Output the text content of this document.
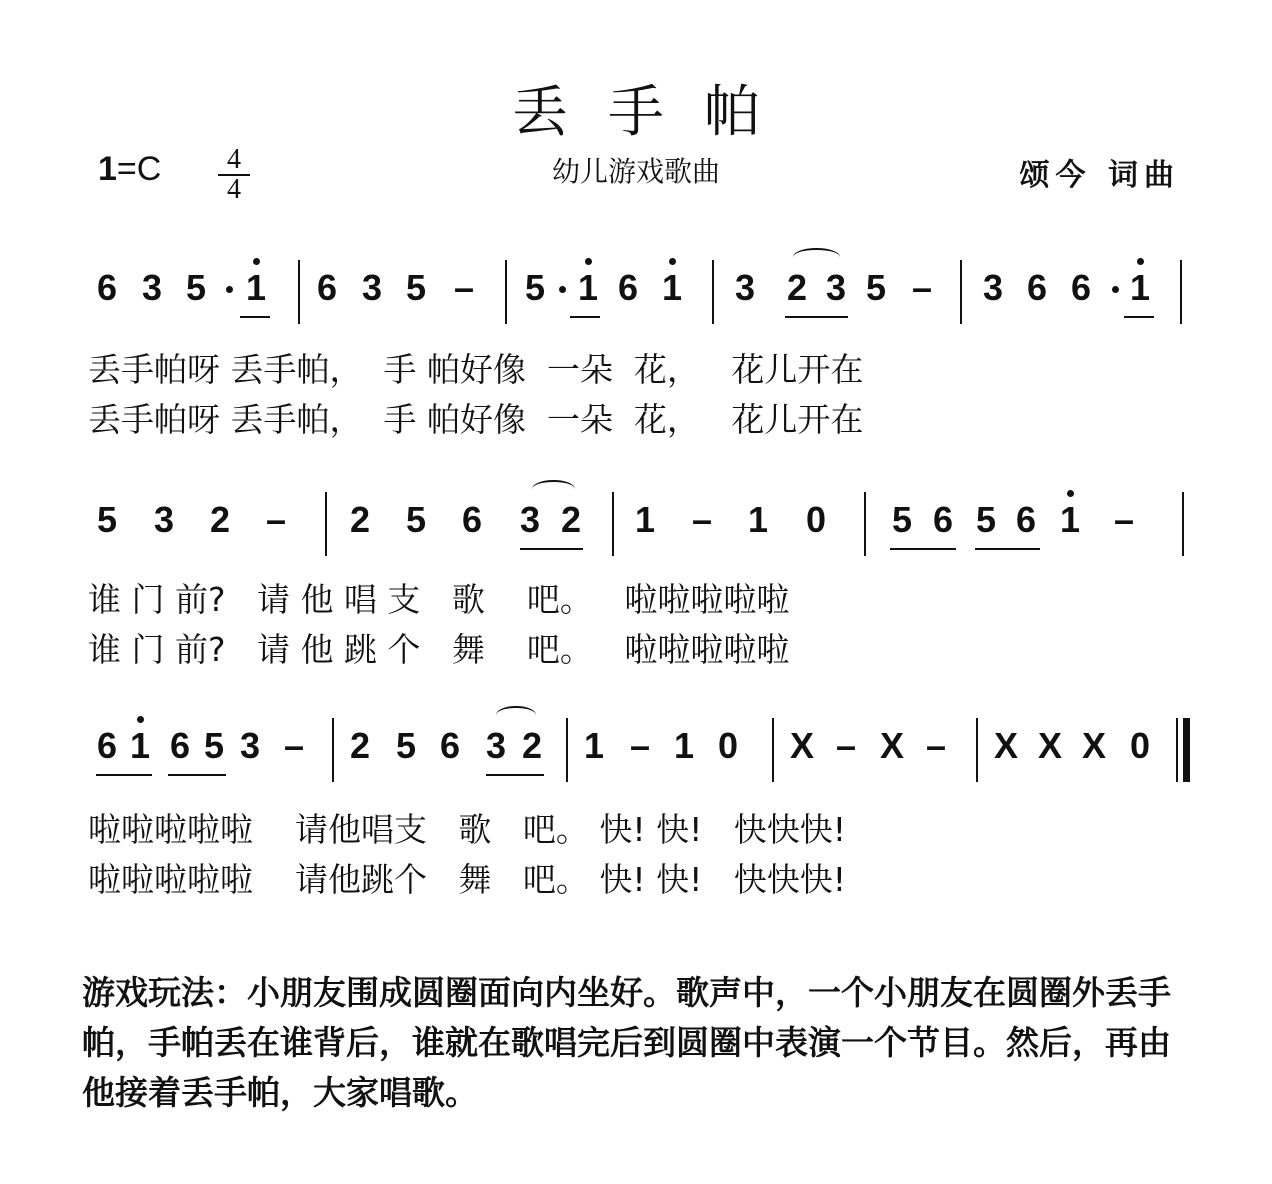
丢手帕
1=C	4
4
幼儿游戏歌曲	颂今 词曲
6 3 5 1 6 3 5 – 5 1 6 1 3 2 3 5 – 3 6 6 1
丢手帕呀 丢手帕，  手 帕好像  一朵  花，   花儿开在
丢手帕呀 丢手帕，  手 帕好像  一朵  花，   花儿开在
5 3 2 – 2 5 6 3 2 1 – 1 0 5 6 5 6 1 –
谁 门 前?   请 他 唱 支   歌    吧。   啦啦啦啦啦
谁 门 前?   请 他 跳 个   舞    吧。   啦啦啦啦啦
6 1 6 5 3 – 2 5 6 3 2 1 – 1 0 X – X – X X X 0
啦啦啦啦啦    请他唱支   歌   吧。 快! 快!   快快快!
啦啦啦啦啦    请他跳个   舞   吧。 快! 快!   快快快!
游戏玩法：小朋友围成圆圈面向内坐好。歌声中，一个小朋友在圆圈外丢手帕，手帕丢在谁背后，谁就在歌唱完后到圆圈中表演一个节目。然后，再由他接着丢手帕，大家唱歌。
